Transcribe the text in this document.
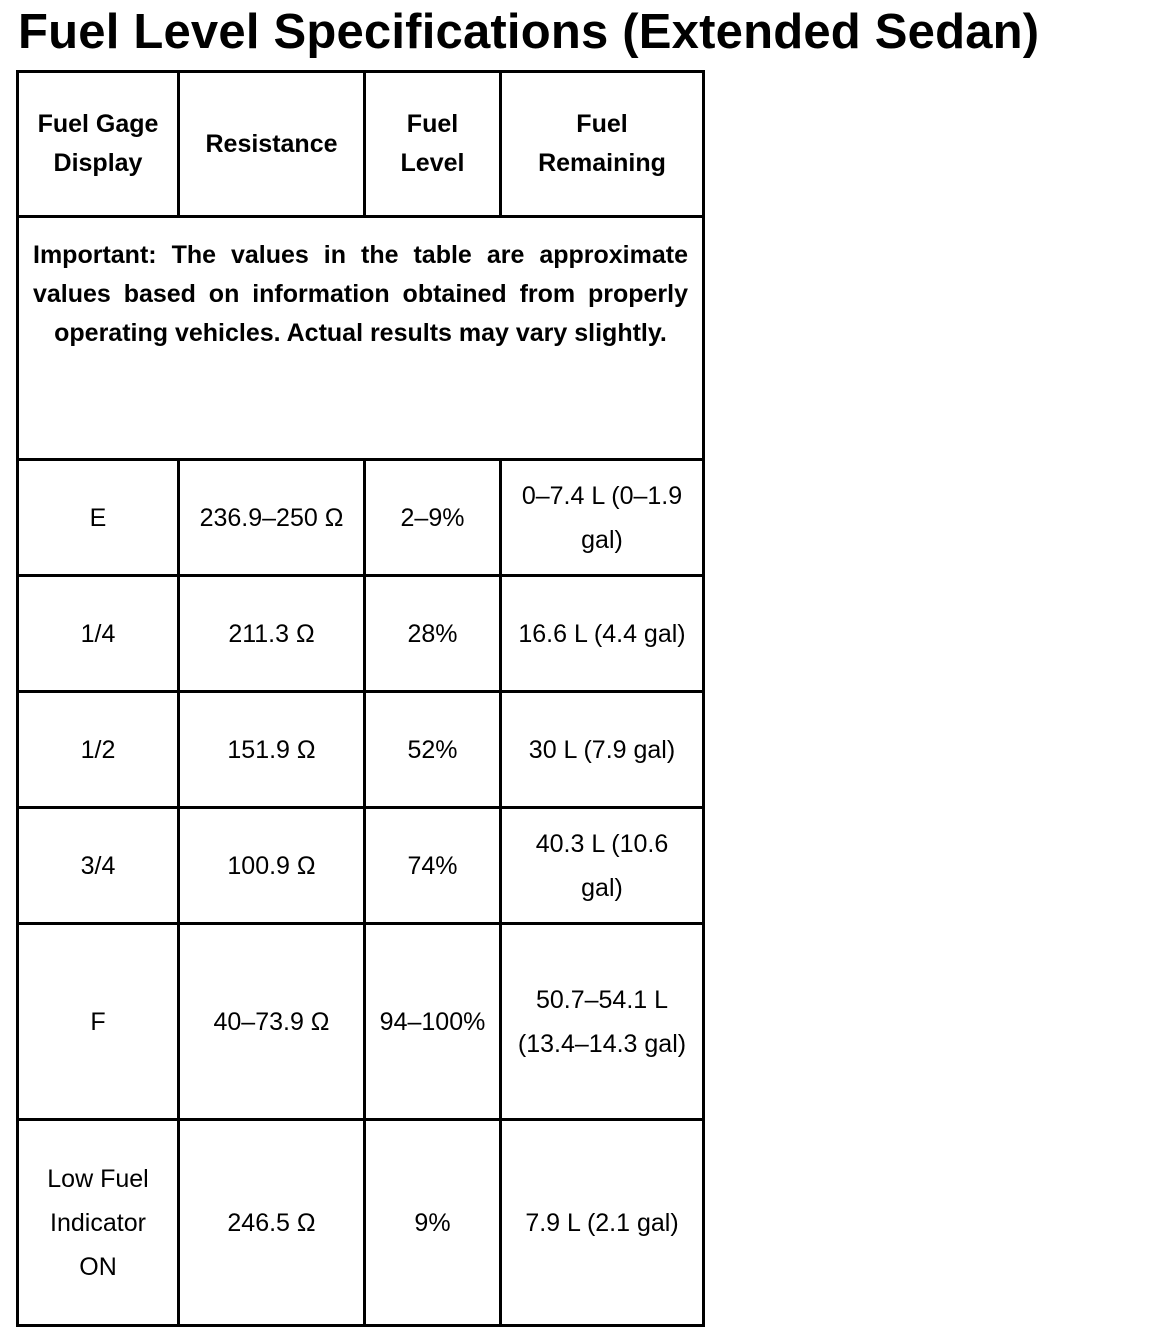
Fuel Level Specifications (Extended Sedan)
Fuel Gage Display	Resistance	Fuel Level	Fuel Remaining

Important: The values in the table are approximate values based on information obtained from properly operating vehicles. Actual results may vary slightly.			

E	236.9–250 Ω	2–9%	0–7.4 L (0–1.9 gal)
1/4	211.3 Ω	28%	16.6 L (4.4 gal)
1/2	151.9 Ω	52%	30 L (7.9 gal)
3/4	100.9 Ω	74%	40.3 L (10.6 gal)
F	40–73.9 Ω	94–100%	50.7–54.1 L (13.4–14.3 gal)
Low Fuel Indicator ON	246.5 Ω	9%	7.9 L (2.1 gal)
